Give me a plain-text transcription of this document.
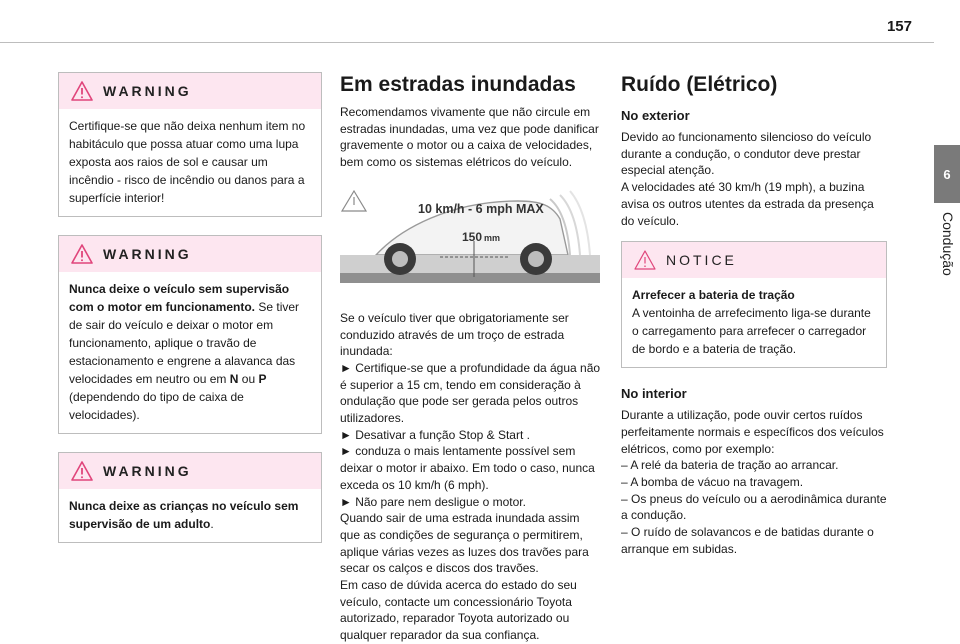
157
6
Condução
WARNING
Certifique-se que não deixa nenhum item no habitáculo que possa atuar como uma lupa exposta aos raios de sol e causar um incêndio - risco de incêndio ou danos para a superfície interior!
WARNING
Nunca deixe o veículo sem supervisão com o motor em funcionamento. Se tiver de sair do veículo e deixar o motor em funcionamento, aplique o travão de estacionamento e engrene a alavanca das velocidades em neutro ou em N ou P (dependendo do tipo de caixa de velocidades).
WARNING
Nunca deixe as crianças no veículo sem supervisão de um adulto.
Em estradas inundadas

Recomendamos vivamente que não circule em estradas inundadas, uma vez que pode danificar gravemente o motor ou a caixa de velocidades, bem como os sistemas elétricos do veículo.

10 km/h - 6 mph MAX
150 mm

Se o veículo tiver que obrigatoriamente ser conduzido através de um troço de estrada inundada:

► Certifique-se que a profundidade da água não é superior a 15 cm, tendo em consideração à ondulação que pode ser gerada pelos outros utilizadores.

► Desativar a função Stop & Start .

► conduza o mais lentamente possível sem deixar o motor ir abaixo. Em todo o caso, nunca exceda os 10 km/h (6 mph).

► Não pare nem desligue o motor.

Quando sair de uma estrada inundada assim que as condições de segurança o permitirem, aplique várias vezes as luzes dos travões para secar os calços e discos dos travões.

Em caso de dúvida acerca do estado do seu veículo, contacte um concessionário Toyota autorizado, reparador Toyota autorizado ou qualquer reparador da sua confiança.

Ruído (Elétrico)
No exterior

Devido ao funcionamento silencioso do veículo durante a condução, o condutor deve prestar especial atenção.

A velocidades até 30 km/h (19 mph), a buzina avisa os outros utentes da estrada da presença do veículo.

NOTICE
Arrefecer a bateria de tração
A ventoinha de arrefecimento liga-se durante o carregamento para arrefecer o carregador de bordo e a bateria de tração.
No interior

Durante a utilização, pode ouvir certos ruídos perfeitamente normais e específicos dos veículos elétricos, como por exemplo:

– A relé da bateria de tração ao arrancar.

– A bomba de vácuo na travagem.

– Os pneus do veículo ou a aerodinâmica durante a condução.

– O ruído de solavancos e de batidas durante o arranque em subidas.
